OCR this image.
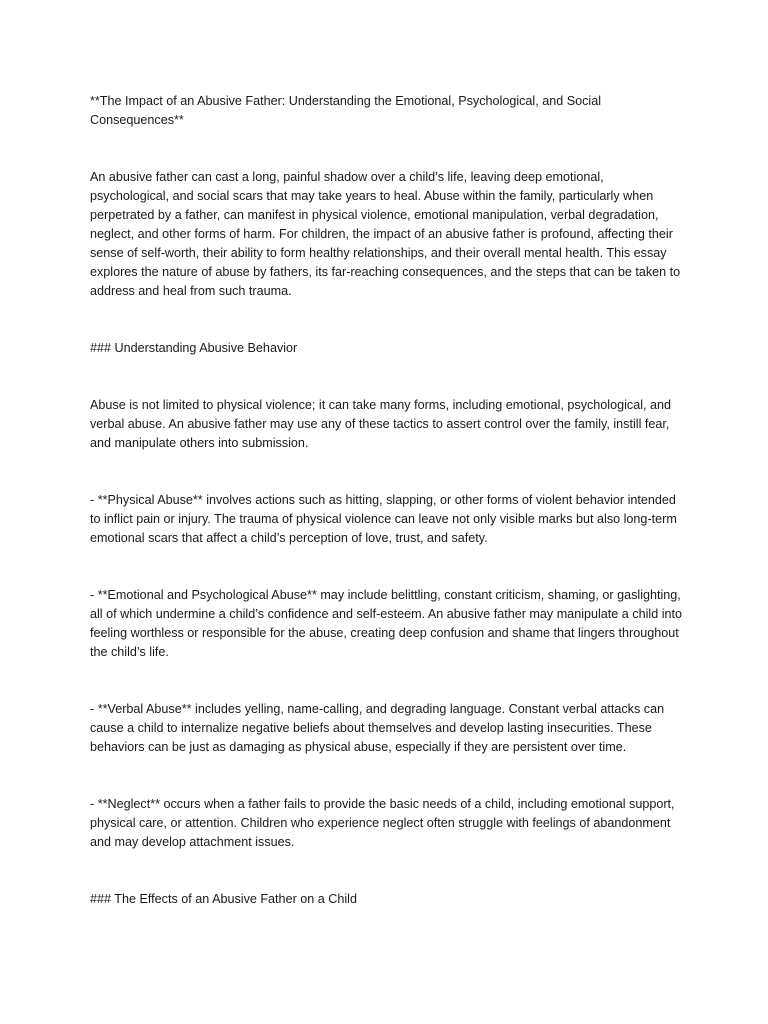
**The Impact of an Abusive Father: Understanding the Emotional, Psychological, and Social Consequences**

An abusive father can cast a long, painful shadow over a child’s life, leaving deep emotional, psychological, and social scars that may take years to heal. Abuse within the family, particularly when perpetrated by a father, can manifest in physical violence, emotional manipulation, verbal degradation, neglect, and other forms of harm. For children, the impact of an abusive father is profound, affecting their sense of self-worth, their ability to form healthy relationships, and their overall mental health. This essay explores the nature of abuse by fathers, its far-reaching consequences, and the steps that can be taken to address and heal from such trauma.

### Understanding Abusive Behavior

Abuse is not limited to physical violence; it can take many forms, including emotional, psychological, and verbal abuse. An abusive father may use any of these tactics to assert control over the family, instill fear, and manipulate others into submission.

- **Physical Abuse** involves actions such as hitting, slapping, or other forms of violent behavior intended to inflict pain or injury. The trauma of physical violence can leave not only visible marks but also long-term emotional scars that affect a child’s perception of love, trust, and safety.

- **Emotional and Psychological Abuse** may include belittling, constant criticism, shaming, or gaslighting, all of which undermine a child’s confidence and self-esteem. An abusive father may manipulate a child into feeling worthless or responsible for the abuse, creating deep confusion and shame that lingers throughout the child’s life.

- **Verbal Abuse** includes yelling, name-calling, and degrading language. Constant verbal attacks can cause a child to internalize negative beliefs about themselves and develop lasting insecurities. These behaviors can be just as damaging as physical abuse, especially if they are persistent over time.

- **Neglect** occurs when a father fails to provide the basic needs of a child, including emotional support, physical care, or attention. Children who experience neglect often struggle with feelings of abandonment and may develop attachment issues.

### The Effects of an Abusive Father on a Child
